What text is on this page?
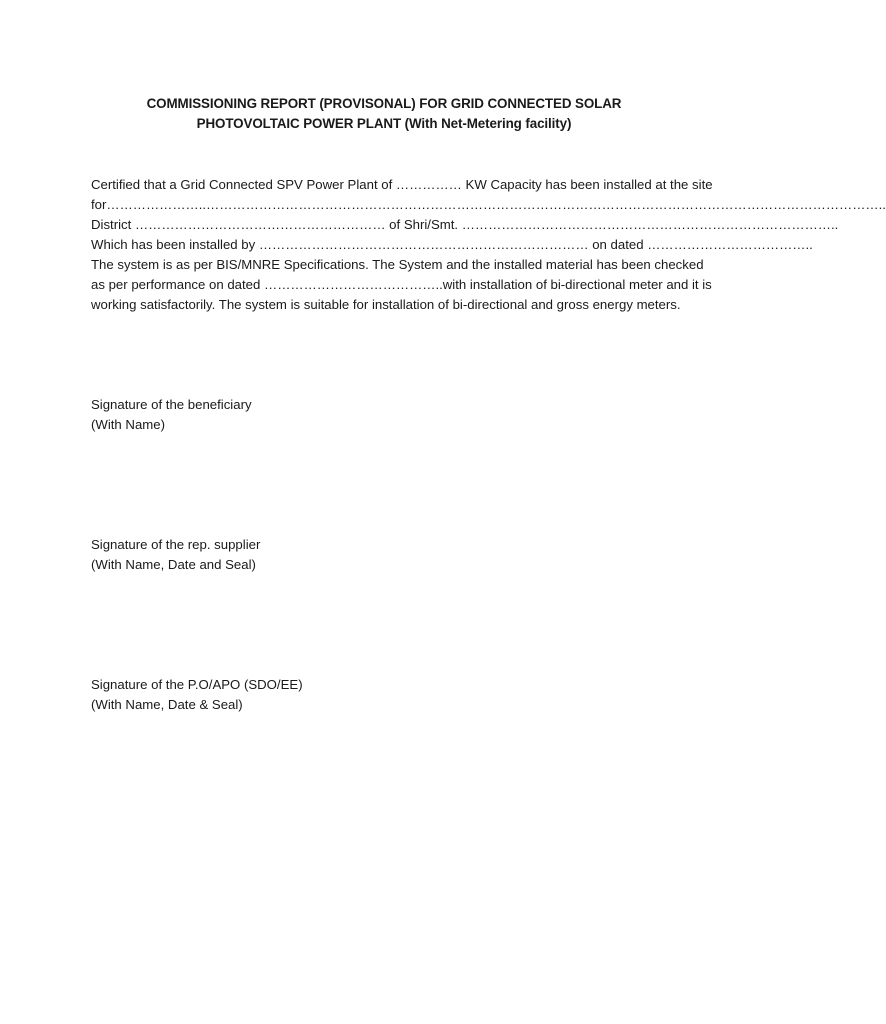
COMMISSIONING REPORT (PROVISONAL) FOR GRID CONNECTED SOLAR
PHOTOVOLTAIC POWER PLANT (With Net-Metering facility)
Certified that a Grid Connected SPV Power Plant of …………… KW Capacity has been installed at the site
for…………………..………………………………………………………………………………………………………………………………………..
District ………………………………………………… of Shri/Smt. …………………………………………………………………………..
Which has been installed by ………………………………………………………………… on dated ………………………………..
The system is as per BIS/MNRE Specifications. The System and the installed material has been checked
as per performance on dated …………………………………..with installation of bi-directional meter and it is
working satisfactorily. The system is suitable for installation of bi-directional and gross energy meters.
Signature of the beneficiary
(With Name)
Signature of the rep. supplier
(With Name, Date and Seal)
Signature of the P.O/APO (SDO/EE)
(With Name, Date & Seal)
